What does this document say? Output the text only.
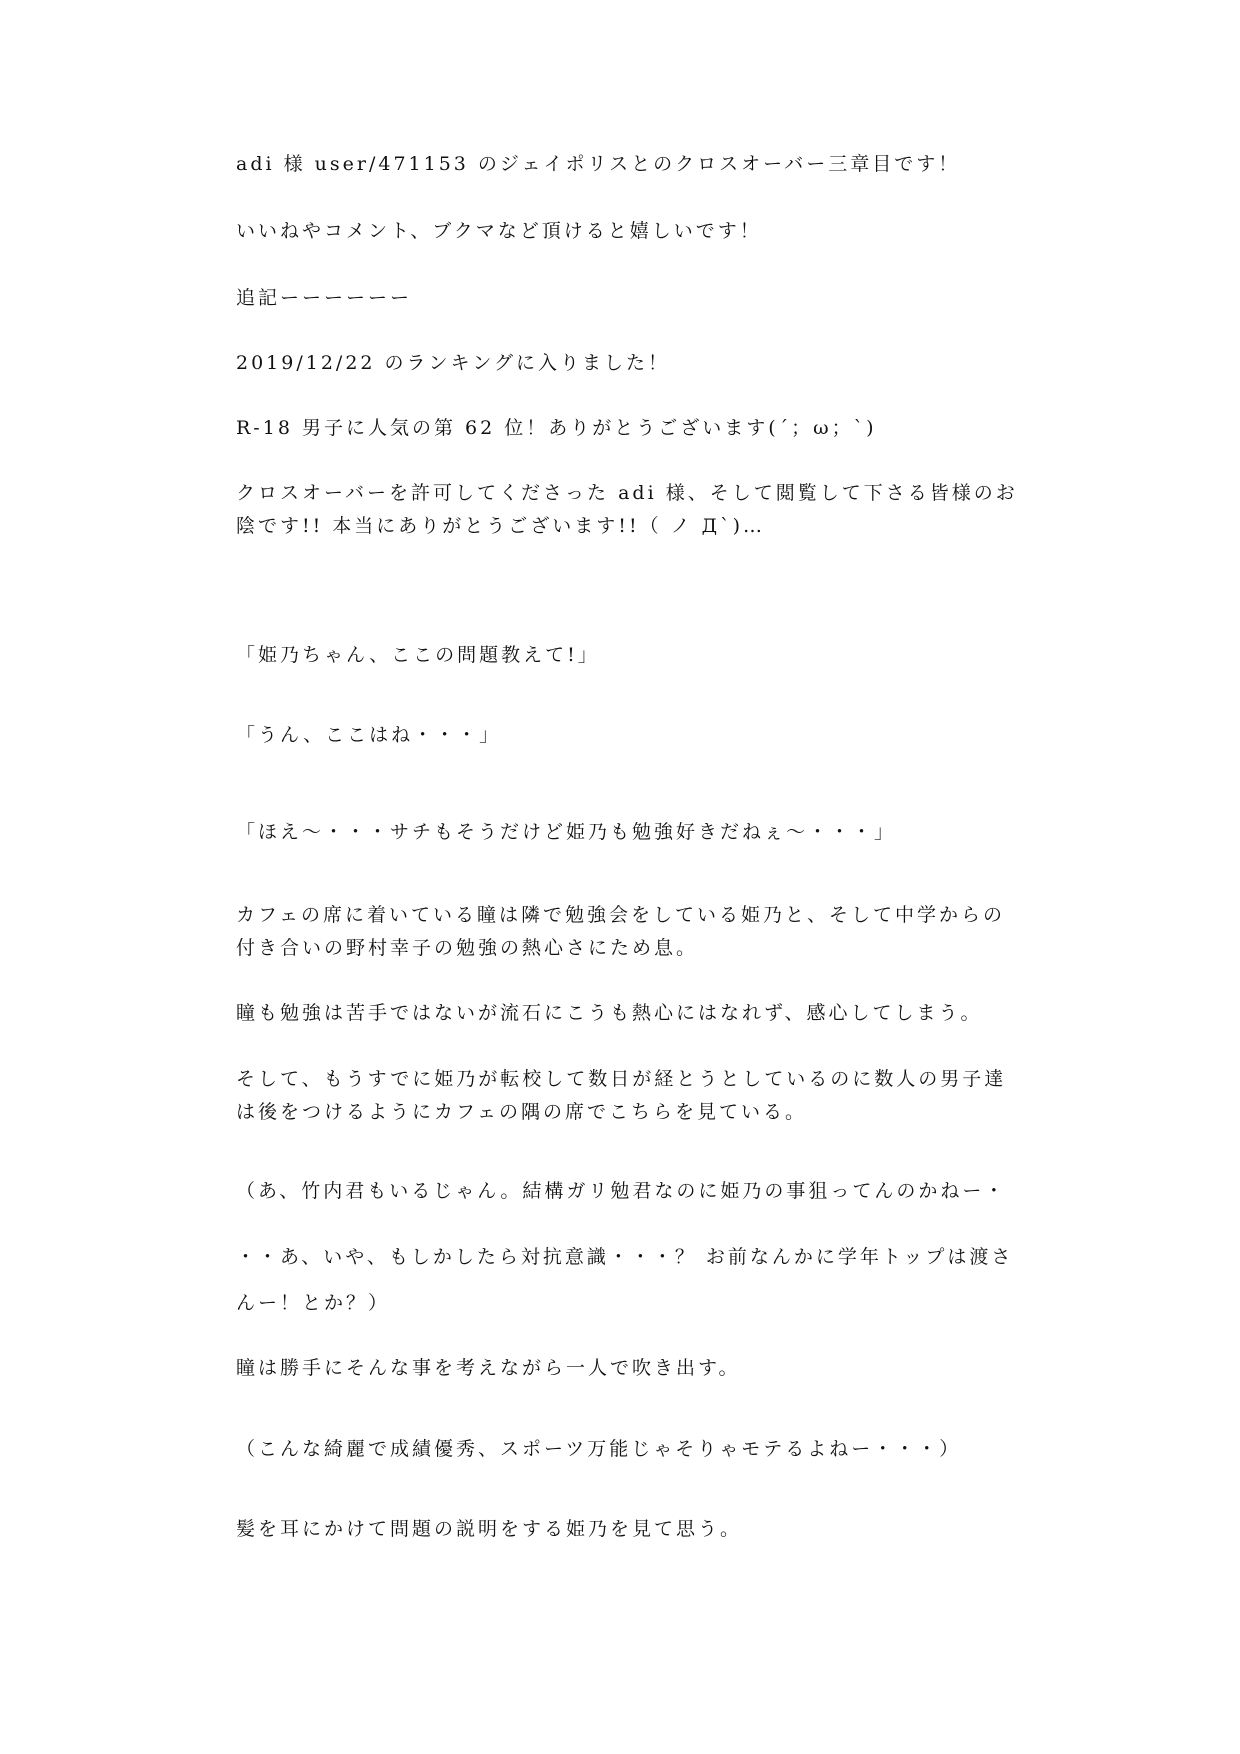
adi 様 user/471153 のジェイポリスとのクロスオーバー三章目です！
いいねやコメント、ブクマなど頂けると嬉しいです！
追記ーーーーーー
2019/12/22 のランキングに入りました！
R-18 男子に人気の第 62 位！ありがとうございます(´；ω；`)
クロスオーバーを許可してくださった adi 様、そして閲覧して下さる皆様のお
陰です!! 本当にありがとうございます!!（ ノ Д`)…
「姫乃ちゃん、ここの問題教えて!」
「うん、ここはね・・・」
「ほえ〜・・・サチもそうだけど姫乃も勉強好きだねぇ〜・・・」
カフェの席に着いている瞳は隣で勉強会をしている姫乃と、そして中学からの
付き合いの野村幸子の勉強の熱心さにため息。
瞳も勉強は苦手ではないが流石にこうも熱心にはなれず、感心してしまう。
そして、もうすでに姫乃が転校して数日が経とうとしているのに数人の男子達
は後をつけるようにカフェの隅の席でこちらを見ている。
（あ、竹内君もいるじゃん。結構ガリ勉君なのに姫乃の事狙ってんのかねー・
・・あ、いや、もしかしたら対抗意識・・・？ お前なんかに学年トップは渡さ
んー！とか？）
瞳は勝手にそんな事を考えながら一人で吹き出す。
（こんな綺麗で成績優秀、スポーツ万能じゃそりゃモテるよねー・・・）
髪を耳にかけて問題の説明をする姫乃を見て思う。
